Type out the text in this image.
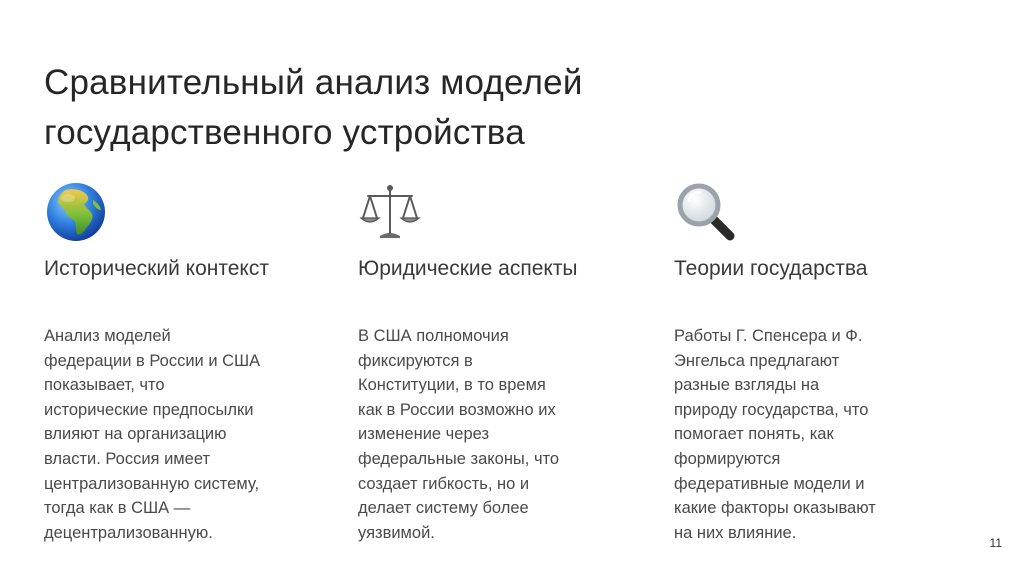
Сравнительный анализ моделей
государственного устройства
Исторический контекст

Анализ моделей
федерации в России и США
показывает, что
исторические предпосылки
влияют на организацию
власти. Россия имеет
централизованную систему,
тогда как в США —
децентрализованную.

Юридические аспекты

В США полномочия
фиксируются в
Конституции, в то время
как в России возможно их
изменение через
федеральные законы, что
создает гибкость, но и
делает систему более
уязвимой.

Теории государства

Работы Г. Спенсера и Ф.
Энгельса предлагают
разные взгляды на
природу государства, что
помогает понять, как
формируются
федеративные модели и
какие факторы оказывают
на них влияние.

11
